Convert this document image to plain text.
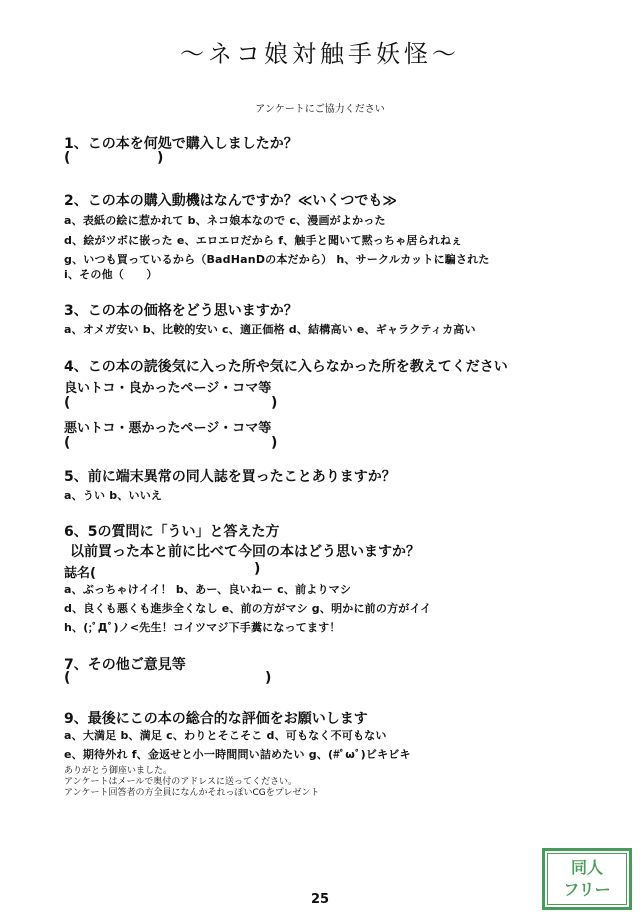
〜ネコ娘対触手妖怪〜
アンケートにご協力ください
1、この本を何処で購入しましたか？
(	)
2、この本の購入動機はなんですか？≪いくつでも≫
a、表紙の絵に惹かれて b、ネコ娘本なので c、漫画がよかった
d、絵がツボに嵌った e、エロエロだから f、触手と聞いて黙っちゃ居られねぇ
g、いつも買っているから（BadHanDの本だから） h、サークルカットに騙された
i、その他（　　）
3、この本の価格をどう思いますか？
a、オメガ安い b、比較的安い c、適正価格 d、結構高い e、ギャラクティカ高い
4、この本の読後気に入った所や気に入らなかった所を教えてください
良いトコ・良かったページ・コマ等
(	)
悪いトコ・悪かったページ・コマ等
(	)
5、前に端末異常の同人誌を買ったことありますか？
a、うい b、いいえ
6、5の質問に「うい」と答えた方
以前買った本と前に比べて今回の本はどう思いますか？
誌名(	)
a、ぶっちゃけイイ！ b、あー、良いねー c、前よりマシ
d、良くも悪くも進歩全くなし e、前の方がマシ g、明かに前の方がイイ
h、(;ﾟДﾟ)ノ<先生！コイツマジ下手糞になってます！
7、その他ご意見等
(	)
9、最後にこの本の総合的な評価をお願いします
a、大満足 b、満足 c、わりとそこそこ d、可もなく不可もない
e、期待外れ f、金返せと小一時間問い詰めたい g、(#ﾟωﾟ)ビキビキ
ありがとう御座いました。
アンケートはメールで奥付のアドレスに送ってください。
アンケート回答者の方全員になんかそれっぽいCGをプレゼント
同人
フリー
25
